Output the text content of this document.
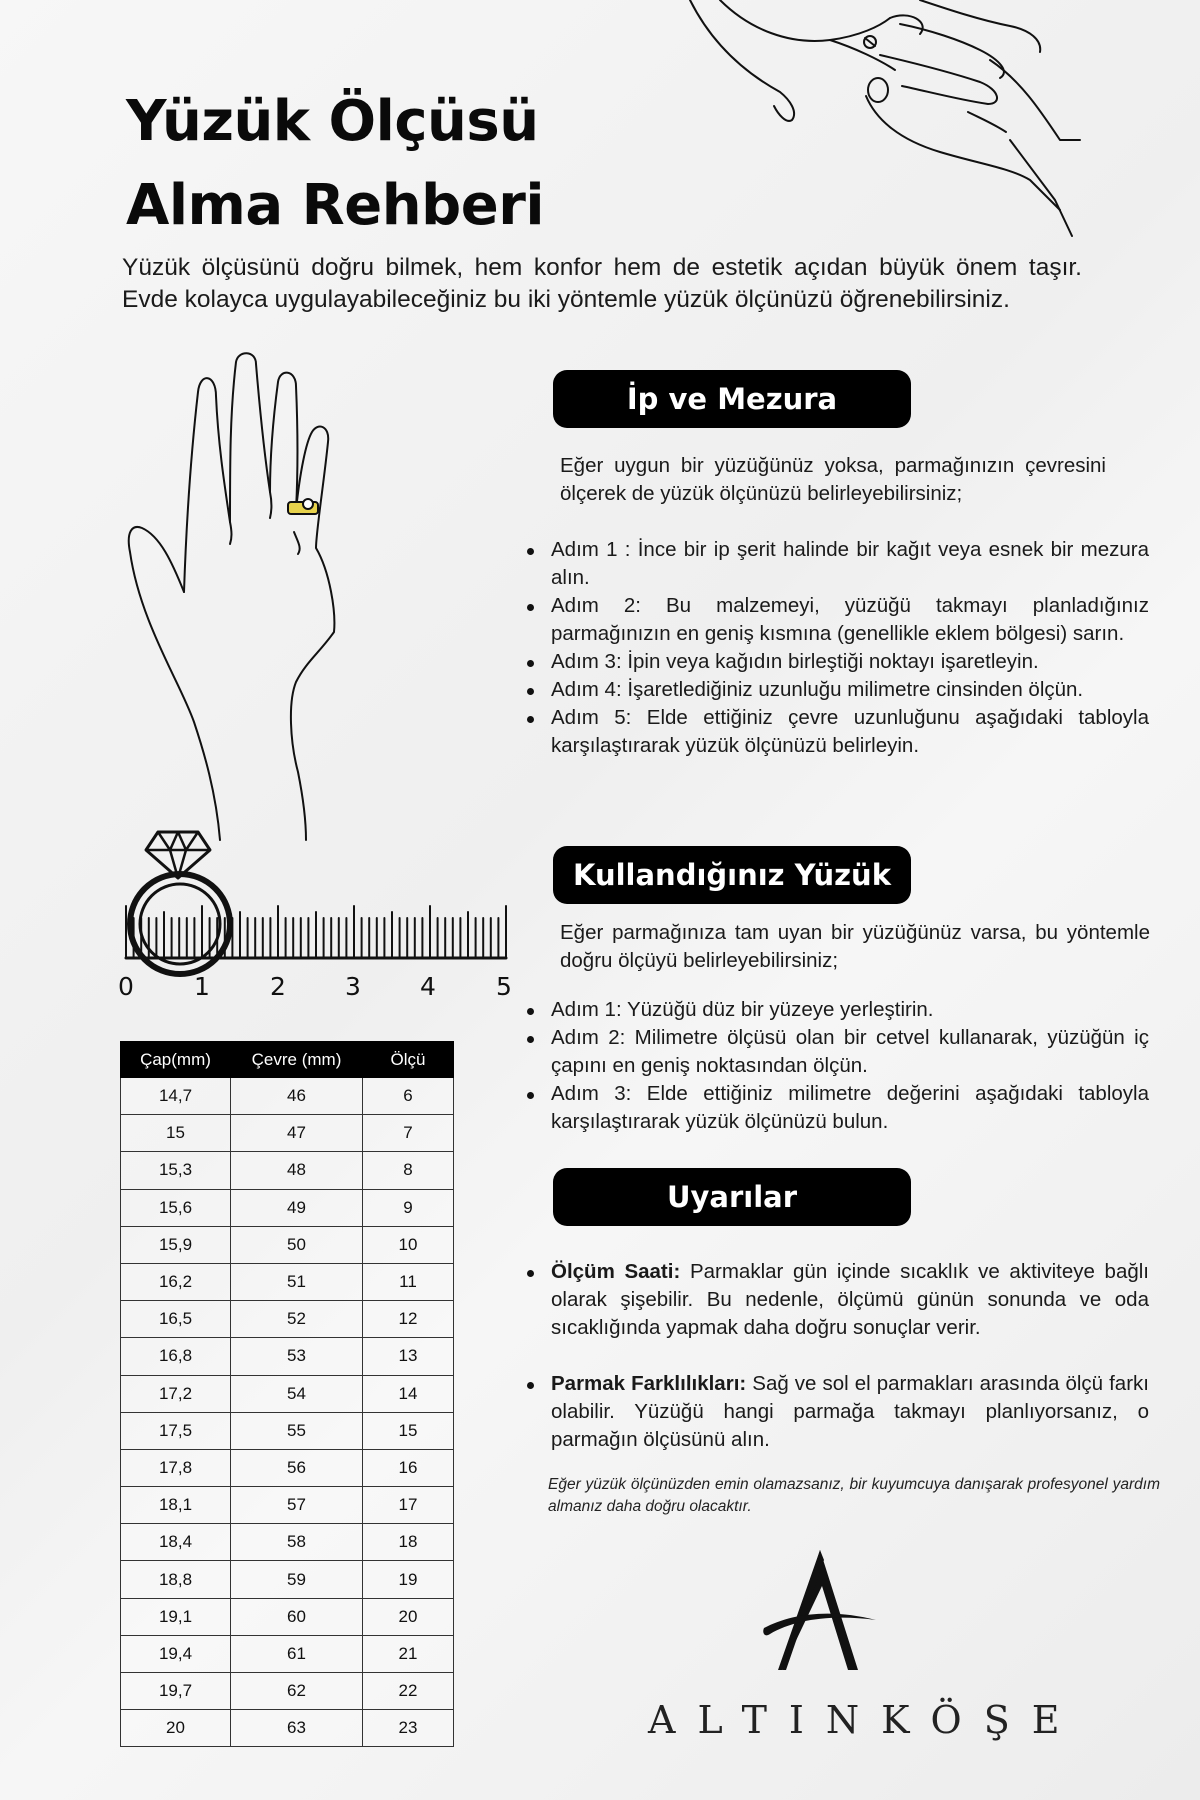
Yüzük Ölçüsü
Alma Rehberi

Yüzük ölçüsünü doğru bilmek, hem konfor hem de estetik açıdan büyük önem taşır. Evde kolayca uygulayabileceğiniz bu iki yöntemle yüzük ölçünüzü öğrenebilirsiniz.

İp ve Mezura

Eğer uygun bir yüzüğünüz yoksa, parmağınızın çevresini ölçerek de yüzük ölçünüzü belirleyebilirsiniz;

Adım 1 : İnce bir ip şerit halinde bir kağıt veya esnek bir mezura alın.
Adım 2: Bu malzemeyi, yüzüğü takmayı planladığınız parmağınızın en geniş kısmına (genellikle eklem bölgesi) sarın.
Adım 3: İpin veya kağıdın birleştiği noktayı işaretleyin.
Adım 4: İşaretlediğiniz uzunluğu milimetre cinsinden ölçün.
Adım 5: Elde ettiğiniz çevre uzunluğunu aşağıdaki tabloyla karşılaştırarak yüzük ölçünüzü belirleyin.
0 1 2 3 4 5
Kullandığınız Yüzük

Eğer parmağınıza tam uyan bir yüzüğünüz varsa, bu yöntemle doğru ölçüyü belirleyebilirsiniz;

Adım 1: Yüzüğü düz bir yüzeye yerleştirin.
Adım 2: Milimetre ölçüsü olan bir cetvel kullanarak, yüzüğün iç çapını en geniş noktasından ölçün.
Adım 3: Elde ettiğiniz milimetre değerini aşağıdaki tabloyla karşılaştırarak yüzük ölçünüzü bulun.
Çap(mm)	Çevre (mm)	Ölçü
14,7	46	6
15	47	7
15,3	48	8
15,6	49	9
15,9	50	10
16,2	51	11
16,5	52	12
16,8	53	13
17,2	54	14
17,5	55	15
17,8	56	16
18,1	57	17
18,4	58	18
18,8	59	19
19,1	60	20
19,4	61	21
19,7	62	22
20	63	23
Uyarılar
Ölçüm Saati: Parmaklar gün içinde sıcaklık ve aktiviteye bağlı olarak şişebilir. Bu nedenle, ölçümü günün sonunda ve oda sıcaklığında yapmak daha doğru sonuçlar verir.
Parmak Farklılıkları: Sağ ve sol el parmakları arasında ölçü farkı olabilir. Yüzüğü hangi parmağa takmayı planlıyorsanız, o parmağın ölçüsünü alın.

Eğer yüzük ölçünüzden emin olamazsanız, bir kuyumcuya danışarak profesyonel yardım almanız daha doğru olacaktır.

A
ALTINKÖŞE
